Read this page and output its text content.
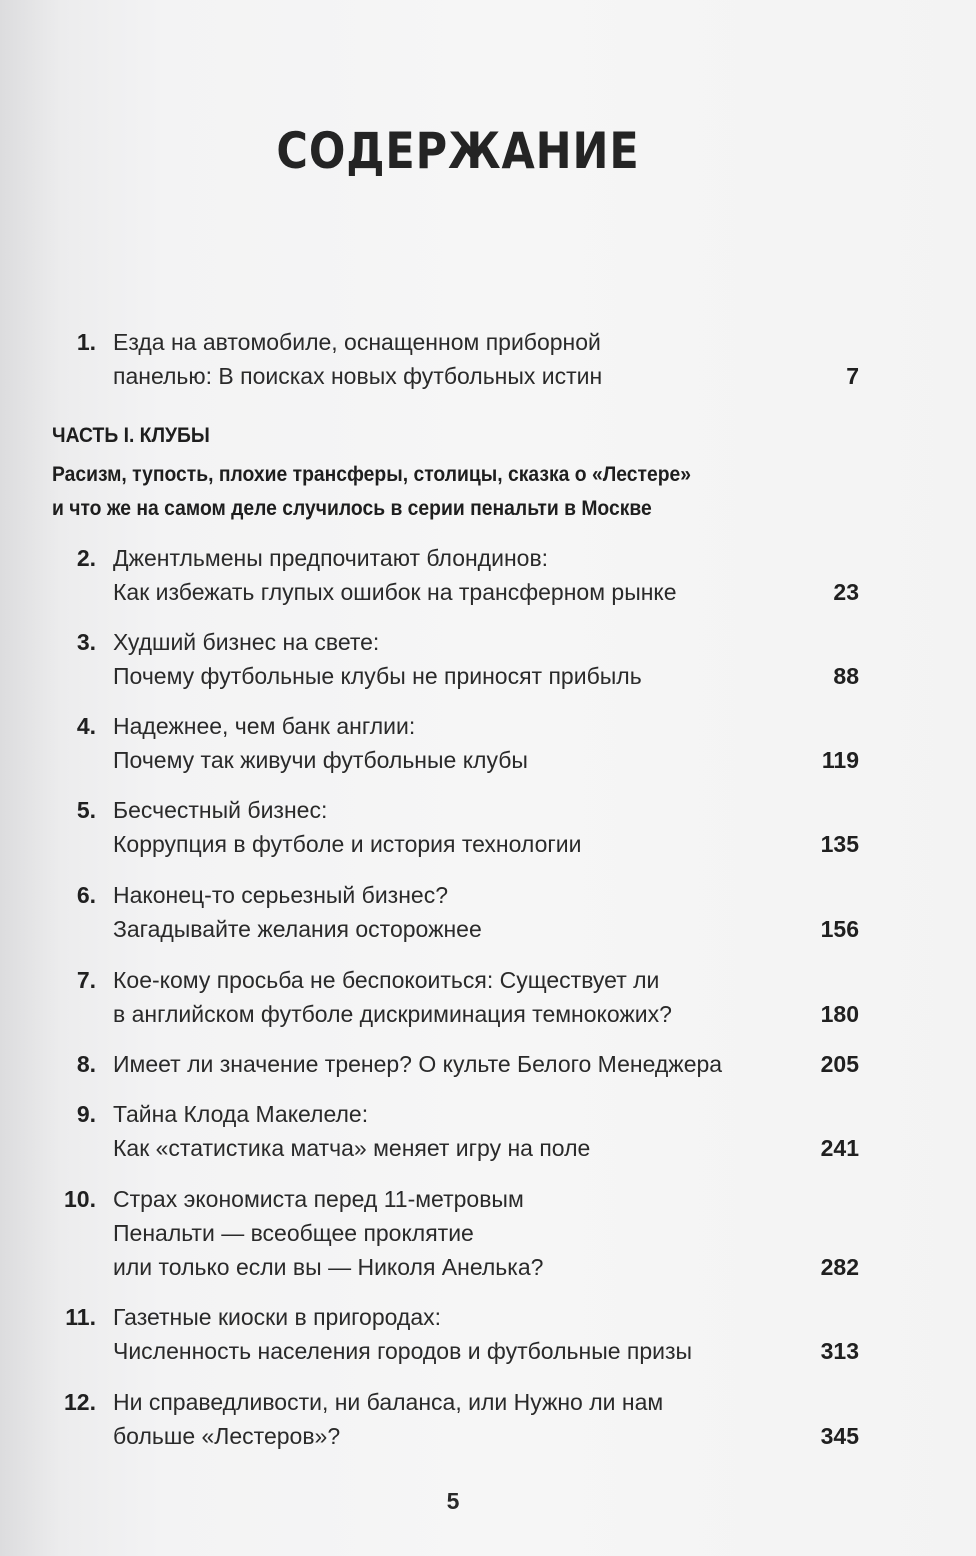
СОДЕРЖАНИЕ
1. Езда на автомобиле, оснащенном приборной
панелью: В поисках новых футбольных истин	7
ЧАСТЬ I. КЛУБЫ
Расизм, тупость, плохие трансферы, столицы, сказка о «Лестере»
и что же на самом деле случилось в серии пенальти в Москве
2. Джентльмены предпочитают блондинов:
Как избежать глупых ошибок на трансферном рынке	23
3. Худший бизнес на свете:
Почему футбольные клубы не приносят прибыль	88
4. Надежнее, чем банк англии:
Почему так живучи футбольные клубы	119
5. Бесчестный бизнес:
Коррупция в футболе и история технологии	135
6. Наконец-то серьезный бизнес?
Загадывайте желания осторожнее	156
7. Кое-кому просьба не беспокоиться: Существует ли
в английском футболе дискриминация темнокожих?	180
8. Имеет ли значение тренер? О культе Белого Менеджера	205
9. Тайна Клода Макелеле:
Как «статистика матча» меняет игру на поле	241
10. Страх экономиста перед 11-метровым
Пенальти — всеобщее проклятие
или только если вы — Николя Анелька?	282
11. Газетные киоски в пригородах:
Численность населения городов и футбольные призы	313
12. Ни справедливости, ни баланса, или Нужно ли нам
больше «Лестеров»?	345
5
